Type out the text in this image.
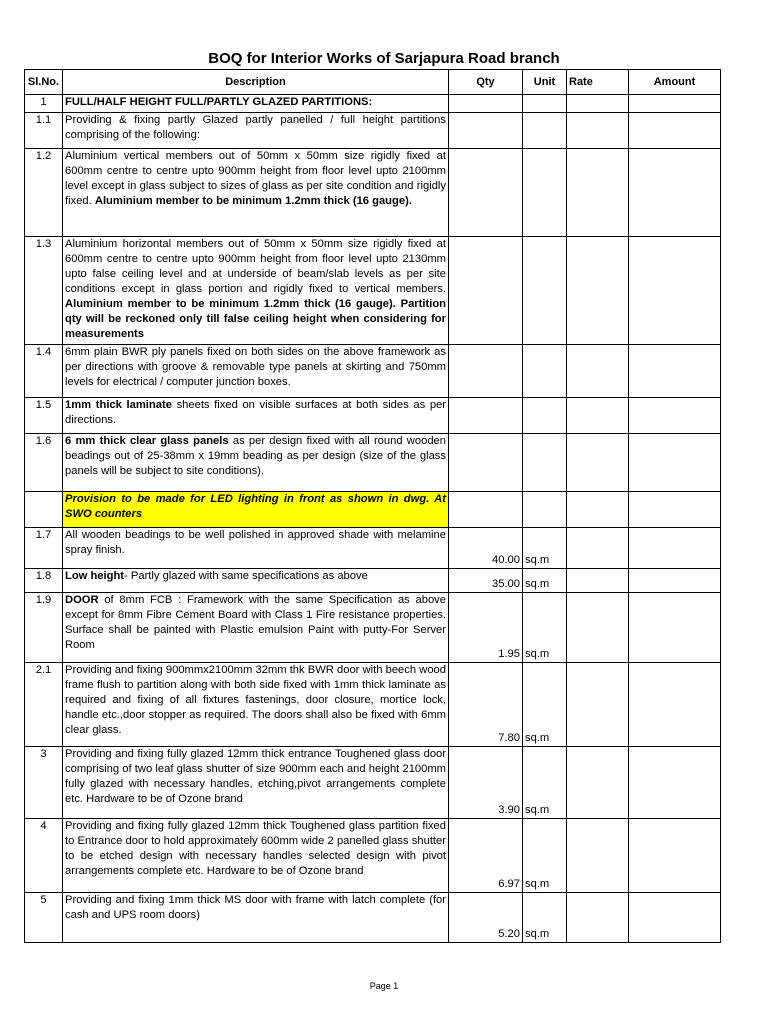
BOQ for Interior Works of Sarjapura Road branch
Sl.No.	Description	Qty	Unit	Rate	Amount
1	FULL/HALF HEIGHT FULL/PARTLY GLAZED PARTITIONS:				
1.1	Providing & fixing partly Glazed partly panelled / full height partitions comprising of the following:				
1.2	Aluminium vertical members out of 50mm x 50mm size rigidly fixed at 600mm centre to centre upto 900mm height from floor level upto 2100mm level except in glass subject to sizes of glass as per site condition and rigidly fixed. Aluminium member to be minimum 1.2mm thick (16 gauge).				
1.3	Aluminium horizontal members out of 50mm x 50mm size rigidly fixed at 600mm centre to centre upto 900mm height from floor level upto 2130mm upto false ceiling level and at underside of beam/slab levels as per site conditions except in glass portion and rigidly fixed to vertical members. Aluminium member to be minimum 1.2mm thick (16 gauge). Partition qty will be reckoned only till false ceiling height when considering for measurements				
1.4	6mm plain BWR ply panels fixed on both sides on the above framework as per directions with groove & removable type panels at skirting and 750mm levels for electrical / computer junction boxes.				
1.5	1mm thick laminate sheets fixed on visible surfaces at both sides as per directions.				
1.6	6 mm thick clear glass panels as per design fixed with all round wooden beadings out of 25-38mm x 19mm beading as per design (size of the glass panels will be subject to site conditions).				
	Provision to be made for LED lighting in front as shown in dwg. At SWO counters				
1.7	All wooden beadings to be well polished in approved shade with melamine spray finish.	40.00	sq.m		
1.8	Low height- Partly glazed with same specifications as above	35.00	sq.m		
1.9	DOOR of 8mm FCB : Framework with the same Specification as above except for 8mm Fibre Cement Board with Class 1 Fire resistance properties. Surface shall be painted with Plastic emulsion Paint with putty-For Server Room	1.95	sq.m		
2.1	Providing and fixing 900mmx2100mm 32mm thk BWR door with beech wood frame flush to partition along with both side fixed with 1mm thick laminate as required and fixing of all fixtures fastenings, door closure, mortice lock, handle etc.,door stopper as required. The doors shall also be fixed with 6mm clear glass.	7.80	sq.m		
3	Providing and fixing fully glazed 12mm thick entrance Toughened glass door comprising of two leaf glass shutter of size 900mm each and height 2100mm fully glazed with necessary handles, etching,pivot arrangements complete etc. Hardware to be of Ozone brand	3.90	sq.m		
4	Providing and fixing fully glazed 12mm thick Toughened glass partition fixed to Entrance door to hold approximately 600mm wide 2 panelled glass shutter to be etched design with necessary handles selected design with pivot arrangements complete etc. Hardware to be of Ozone brand	6.97	sq.m		
5	Providing and fixing 1mm thick MS door with frame with latch complete (for cash and UPS room doors)	5.20	sq.m		
Page 1
